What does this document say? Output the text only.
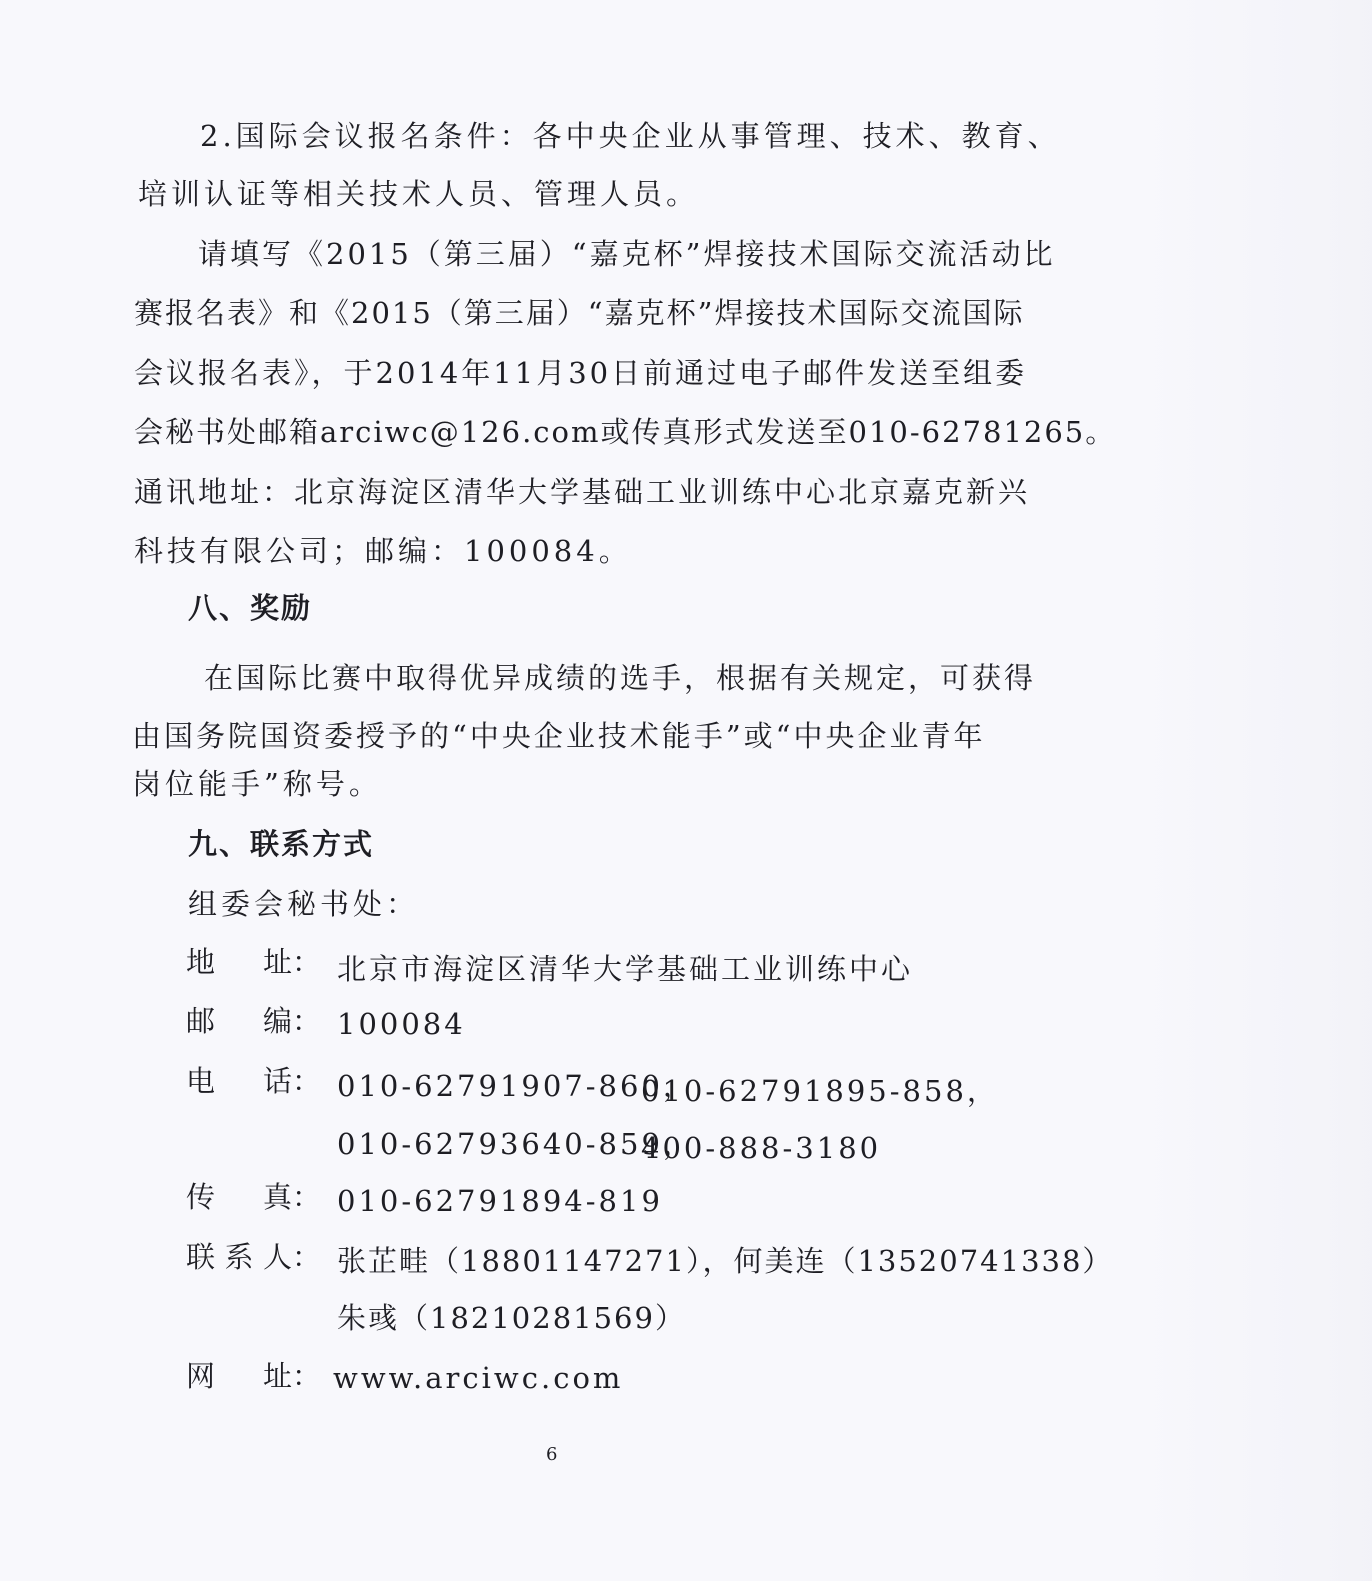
2.国际会议报名条件：各中央企业从事管理、技术、教育、
培训认证等相关技术人员、管理人员。
请填写《2015（第三届）“嘉克杯”焊接技术国际交流活动比
赛报名表》和《2015（第三届）“嘉克杯”焊接技术国际交流国际
会议报名表》，于2014年11月30日前通过电子邮件发送至组委
会秘书处邮箱arciwc@126.com或传真形式发送至010-62781265。
通讯地址：北京海淀区清华大学基础工业训练中心北京嘉克新兴
科技有限公司；邮编：100084。
八、奖励
在国际比赛中取得优异成绩的选手，根据有关规定，可获得
由国务院国资委授予的“中央企业技术能手”或“中央企业青年
岗位能手”称号。
九、联系方式
组委会秘书处：
地 址： 北京市海淀区清华大学基础工业训练中心
邮 编： 100084
电 话： 010-62791907-860，
010-62791895-858，
010-62793640-859，
400-888-3180
传 真： 010-62791894-819
联 系 人： 张芷畦（18801147271），何美连（13520741338）
朱彧（18210281569）
网 址： www.arciwc.com
6
